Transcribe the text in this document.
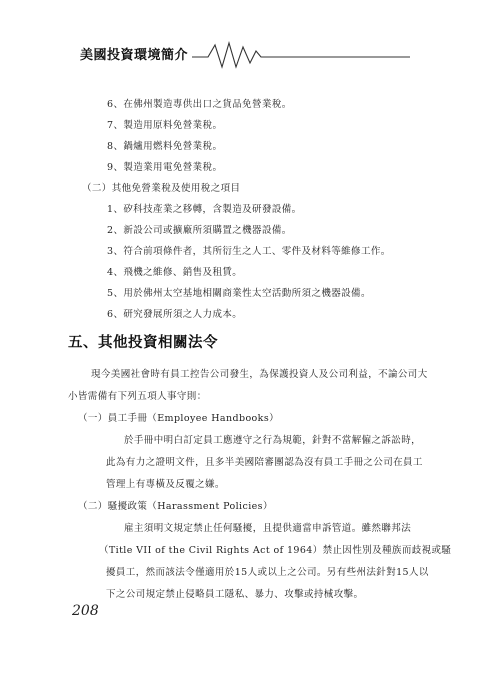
美國投資環境簡介
6、在佛州製造專供出口之貨品免營業稅。
7、製造用原料免營業稅。
8、鍋爐用燃料免營業稅。
9、製造業用電免營業稅。
（二）其他免營業稅及使用稅之項目
1、矽科技產業之移轉，含製造及研發設備。
2、新設公司或擴廠所須購置之機器設備。
3、符合前項條件者，其所衍生之人工、零件及材料等維修工作。
4、飛機之維修、銷售及租賃。
5、用於佛州太空基地相關商業性太空活動所須之機器設備。
6、研究發展所須之人力成本。
五、其他投資相關法令
現今美國社會時有員工控告公司發生，為保護投資人及公司利益，不論公司大
小皆需備有下列五項人事守則：
（一）員工手冊（Employee Handbooks）
於手冊中明白訂定員工應遵守之行為規範，針對不當解僱之訴訟時，
此為有力之證明文件，且多半美國陪審團認為沒有員工手冊之公司在員工
管理上有專橫及反覆之嫌。
（二）騷擾政策（Harassment Policies）
雇主須明文規定禁止任何騷擾，且提供適當申訴管道。雖然聯邦法
（Title VII of the Civil Rights Act of 1964）禁止因性別及種族而歧視或騷
擾員工，然而該法令僅適用於15人或以上之公司。另有些州法針對15人以
下之公司規定禁止侵略員工隱私、暴力、攻擊或持械攻擊。
208
